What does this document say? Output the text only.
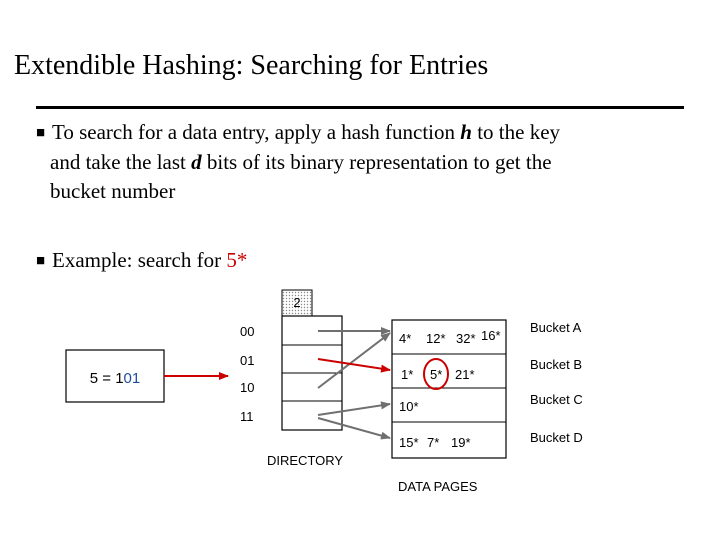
Extendible Hashing: Searching for Entries
■ To search for a data entry, apply a hash function h to the key
and take the last d bits of its binary representation to get the
bucket number
■ Example: search for 5*
2
00
01
10
11
DIRECTORY
5 = 101
4* 12* 32* 16*
1* 5* 21*
10*
15* 7* 19*
Bucket A
Bucket B
Bucket C
Bucket D
DATA PAGES
